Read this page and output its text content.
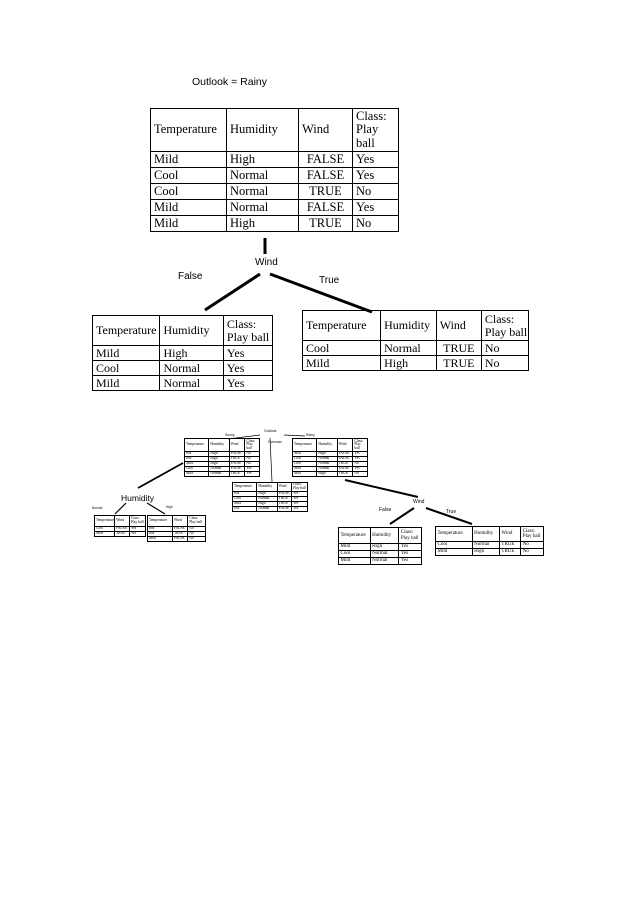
Outlook = Rainy
Temperature	Humidity	Wind	Class: Play ball
Mild	High	FALSE	Yes
Cool	Normal	FALSE	Yes
Cool	Normal	TRUE	No
Mild	Normal	FALSE	Yes
Mild	High	TRUE	No
Wind
False	True
Temperature	Humidity	Class: Play ball
Mild	High	Yes
Cool	Normal	Yes
Mild	Normal	Yes
Temperature	Humidity	Wind	Class: Play ball
Cool	Normal	TRUE	No
Mild	High	TRUE	No
Outlook
Sunny
Overcast
Rainy
Temperature	Humidity	Wind	Class: Play ball
Hot	High	FALSE	No
Hot	High	TRUE	No
Mild	High	FALSE	No
Cool	Normal	FALSE	Yes
Mild	Normal	TRUE	Yes
Temperature	Humidity	Wind	Class: Play ball
Mild	High	FALSE	Yes
Cool	Normal	FALSE	Yes
Cool	Normal	TRUE	No
Mild	Normal	FALSE	Yes
Mild	High	TRUE	No
Temperature	Humidity	Wind	Class: Play ball
Hot	High	FALSE	Yes
Cool	Normal	TRUE	Yes
Mild	High	TRUE	Yes
Hot	Normal	FALSE	Yes
Humidity
Normal	High
Temperature	Wind	Class: Play ball
Cool	FALSE	Yes
Mild	TRUE	Yes
Temperature	Wind	Class: Play ball
Hot	FALSE	No
Hot	TRUE	No
Mild	FALSE	No
Wind
False	True
Temperature	Humidity	Class: Play ball
Mild	High	Yes
Cool	Normal	Yes
Mild	Normal	Yes
Temperature	Humidity	Wind	Class: Play ball
Cool	Normal	TRUE	No
Mild	High	TRUE	No
